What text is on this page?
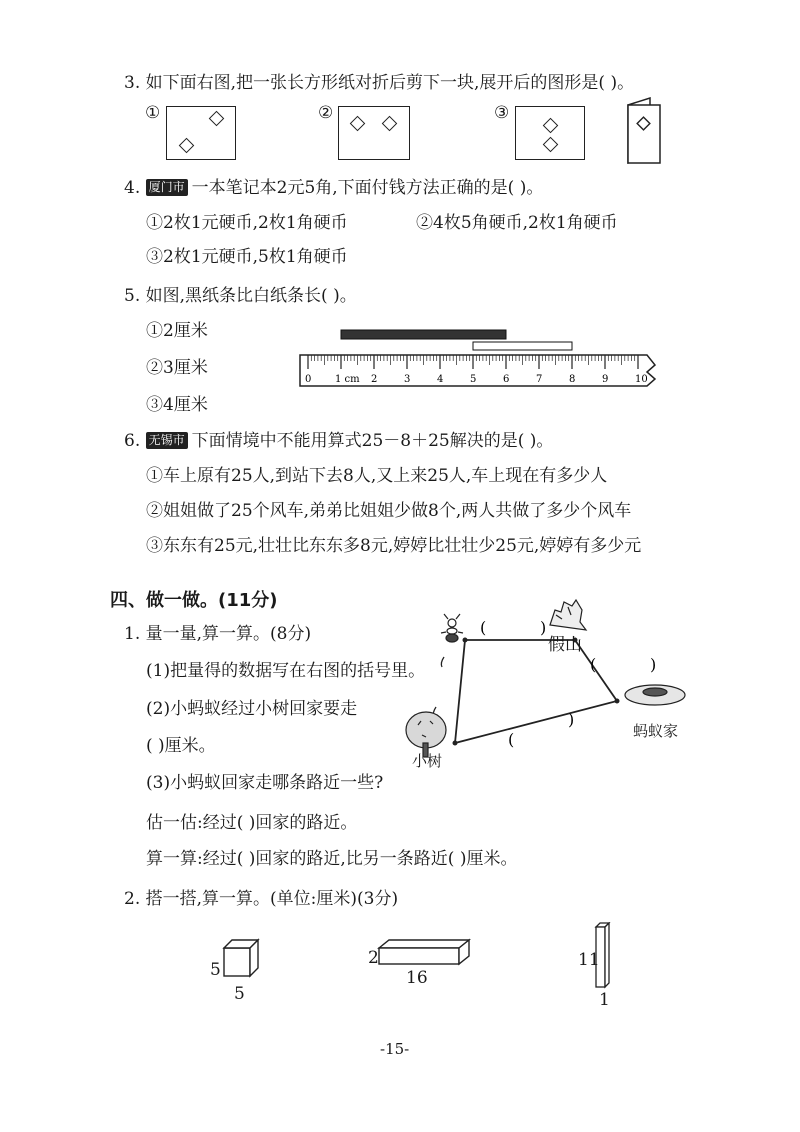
3. 如下面右图,把一张长方形纸对折后剪下一块,展开后的图形是( )。
①	②	③
4. 厦门市 一本笔记本2元5角,下面付钱方法正确的是( )。
①2枚1元硬币,2枚1角硬币	②4枚5角硬币,2枚1角硬币
③2枚1元硬币,5枚1角硬币
5. 如图,黑纸条比白纸条长( )。
①2厘米
②3厘米
③4厘米
0 1 cm 2	3	4	5	6	7	8	9	10
6. 无锡市 下面情境中不能用算式25－8＋25解决的是( )。
①车上原有25人,到站下去8人,又上来25人,车上现在有多少人
②姐姐做了25个风车,弟弟比姐姐少做8个,两人共做了多少个风车
③东东有25元,壮壮比东东多8元,婷婷比壮壮少25元,婷婷有多少元
四、做一做。(11分)
1. 量一量,算一算。(8分)
(1)把量得的数据写在右图的括号里。
(2)小蚂蚁经过小树回家要走
( )厘米。
(3)小蚂蚁回家走哪条路近一些?
估一估:经过( )回家的路近。
算一算:经过( )回家的路近,比另一条路近( )厘米。
(	)
(	)
(
)
假山
蚂蚁家
小树
2. 搭一搭,算一算。(单位:厘米)(3分)
5
5
2
16
11
1
-15-
